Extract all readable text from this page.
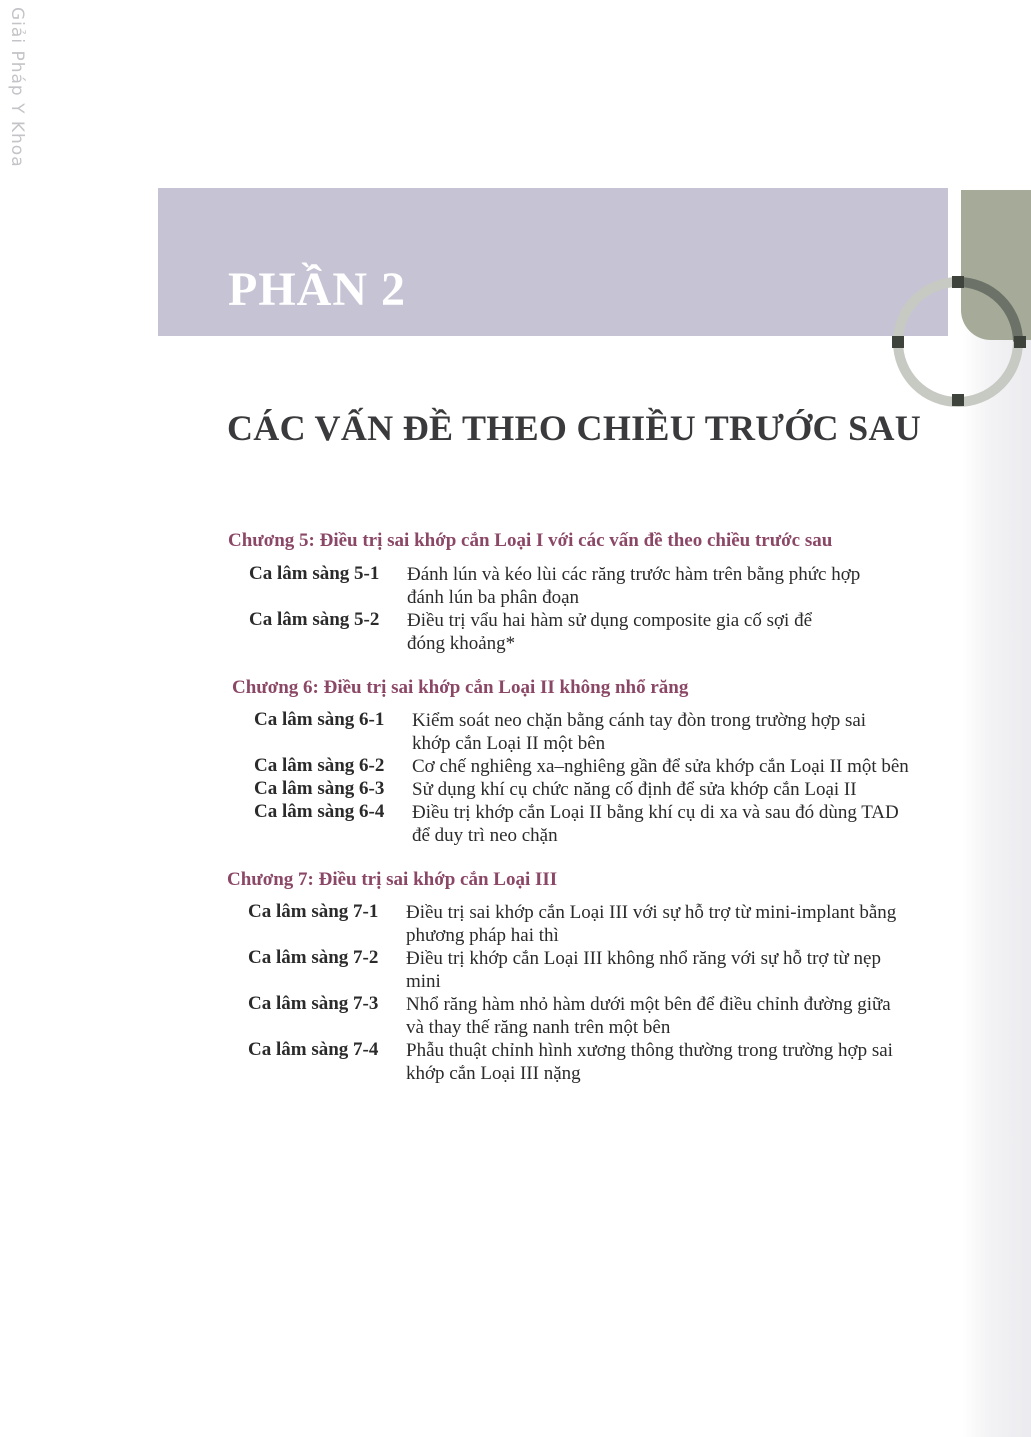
Giải Pháp Y Khoa
PHẦN 2
CÁC VẤN ĐỀ THEO CHIỀU TRƯỚC SAU
Chương 5: Điều trị sai khớp cắn Loại I với các vấn đề theo chiều trước sau
Ca lâm sàng 5-1 Đánh lún và kéo lùi các răng trước hàm trên bằng phức hợp
đánh lún ba phân đoạn
Ca lâm sàng 5-2 Điều trị vẩu hai hàm sử dụng composite gia cố sợi để
đóng khoảng*
Chương 6: Điều trị sai khớp cắn Loại II không nhổ răng
Ca lâm sàng 6-1 Kiểm soát neo chặn bằng cánh tay đòn trong trường hợp sai
khớp cắn Loại II một bên
Ca lâm sàng 6-2 Cơ chế nghiêng xa–nghiêng gần để sửa khớp cắn Loại II một bên
Ca lâm sàng 6-3 Sử dụng khí cụ chức năng cố định để sửa khớp cắn Loại II
Ca lâm sàng 6-4 Điều trị khớp cắn Loại II bằng khí cụ di xa và sau đó dùng TAD
để duy trì neo chặn
Chương 7: Điều trị sai khớp cắn Loại III
Ca lâm sàng 7-1 Điều trị sai khớp cắn Loại III với sự hỗ trợ từ mini-implant bằng
phương pháp hai thì
Ca lâm sàng 7-2 Điều trị khớp cắn Loại III không nhổ răng với sự hỗ trợ từ nẹp
mini
Ca lâm sàng 7-3 Nhổ răng hàm nhỏ hàm dưới một bên để điều chỉnh đường giữa
và thay thế răng nanh trên một bên
Ca lâm sàng 7-4 Phẫu thuật chỉnh hình xương thông thường trong trường hợp sai
khớp cắn Loại III nặng
